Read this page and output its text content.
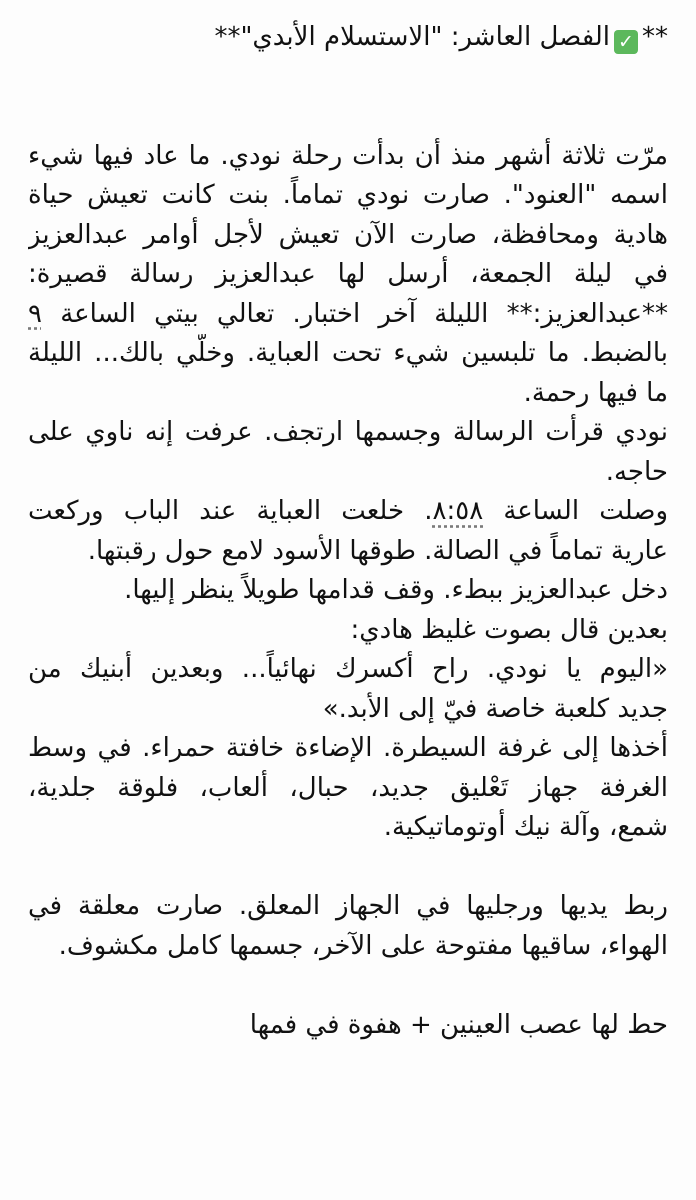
**✓الفصل العاشر: "الاستسلام الأبدي"**
مرّت ثلاثة أشهر منذ أن بدأت رحلة نودي. ما عاد فيها شيء
اسمه "العنود". صارت نودي تماماً. بنت كانت تعيش حياة
هادية ومحافظة، صارت الآن تعيش لأجل أوامر عبدالعزيز
في ليلة الجمعة، أرسل لها عبدالعزيز رسالة قصيرة:
**عبدالعزيز:** الليلة آخر اختبار. تعالي بيتي الساعة ٩
بالضبط. ما تلبسين شيء تحت العباية. وخلّي بالك... الليلة
ما فيها رحمة.
نودي قرأت الرسالة وجسمها ارتجف. عرفت إنه ناوي على
حاجه.
وصلت الساعة ٨:٥٨. خلعت العباية عند الباب وركعت
عارية تماماً في الصالة. طوقها الأسود لامع حول رقبتها.
دخل عبدالعزيز ببطء. وقف قدامها طويلاً ينظر إليها.
بعدين قال بصوت غليظ هادي:
«اليوم يا نودي. راح أكسرك نهائياً... وبعدين أبنيك من
جديد كلعبة خاصة فيّ إلى الأبد.»
أخذها إلى غرفة السيطرة. الإضاءة خافتة حمراء. في وسط
الغرفة جهاز تَعْليق جديد، حبال، ألعاب، فلوقة جلدية،
شمع، وآلة نيك أوتوماتيكية.
ربط يديها ورجليها في الجهاز المعلق. صارت معلقة في
الهواء، ساقيها مفتوحة على الآخر، جسمها كامل مكشوف.
حط لها عصب العينين + هفوة في فمها
